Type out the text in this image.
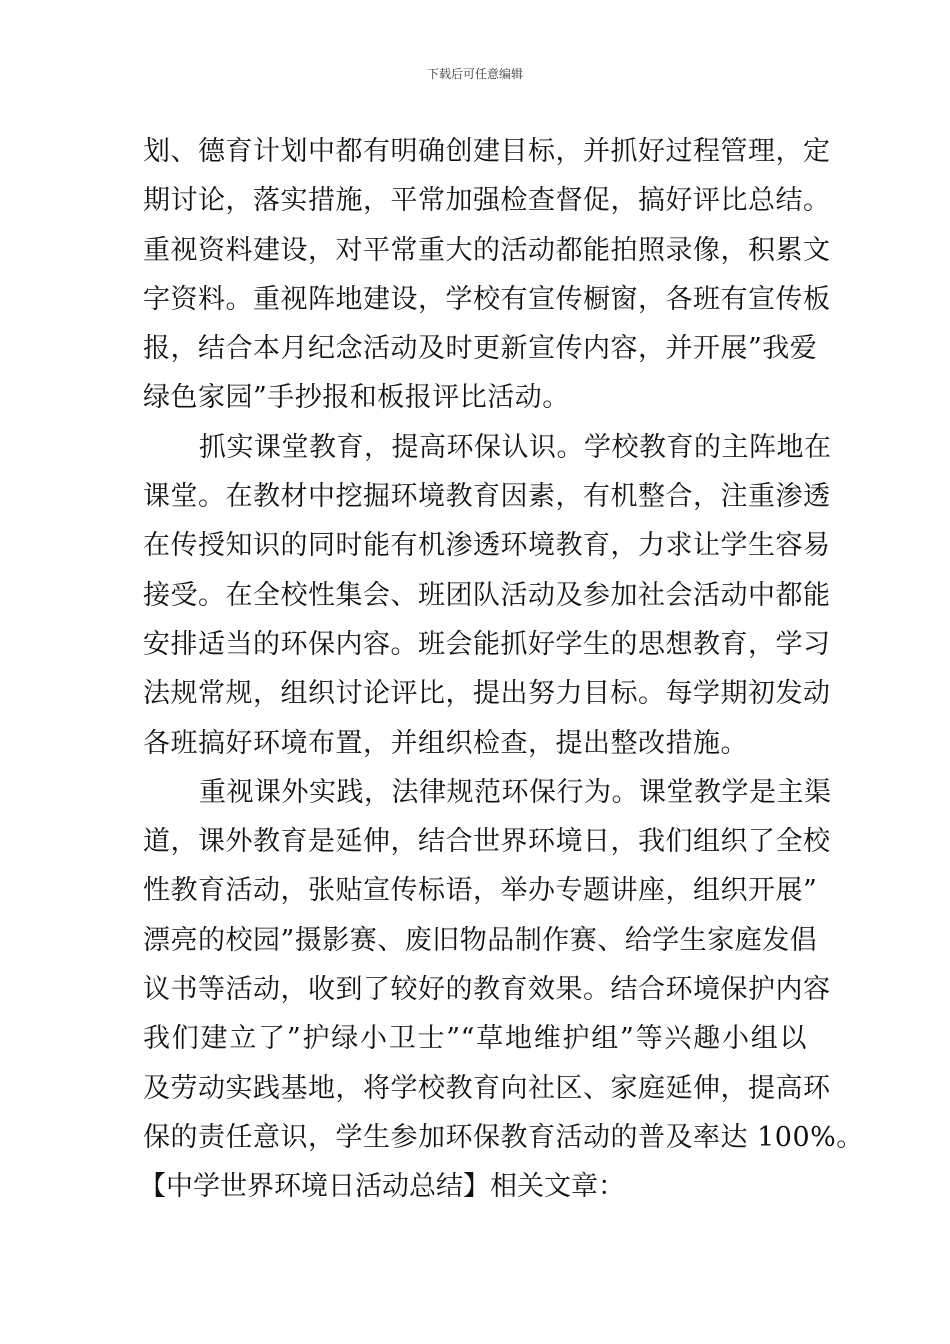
下载后可任意编辑
划、德育计划中都有明确创建目标，并抓好过程管理，定
期讨论，落实措施，平常加强检查督促，搞好评比总结。
重视资料建设，对平常重大的活动都能拍照录像，积累文
字资料。重视阵地建设，学校有宣传橱窗，各班有宣传板
报，结合本月纪念活动及时更新宣传内容，并开展”我爱
绿色家园”手抄报和板报评比活动。
抓实课堂教育，提高环保认识。学校教育的主阵地在
课堂。在教材中挖掘环境教育因素，有机整合，注重渗透
在传授知识的同时能有机渗透环境教育，力求让学生容易
接受。在全校性集会、班团队活动及参加社会活动中都能
安排适当的环保内容。班会能抓好学生的思想教育，学习
法规常规，组织讨论评比，提出努力目标。每学期初发动
各班搞好环境布置，并组织检查，提出整改措施。
重视课外实践，法律规范环保行为。课堂教学是主渠
道，课外教育是延伸，结合世界环境日，我们组织了全校
性教育活动，张贴宣传标语，举办专题讲座，组织开展”
漂亮的校园”摄影赛、废旧物品制作赛、给学生家庭发倡
议书等活动，收到了较好的教育效果。结合环境保护内容
我们建立了”护绿小卫士”“草地维护组”等兴趣小组以
及劳动实践基地，将学校教育向社区、家庭延伸，提高环
保的责任意识，学生参加环保教育活动的普及率达 100%。
【中学世界环境日活动总结】相关文章：
